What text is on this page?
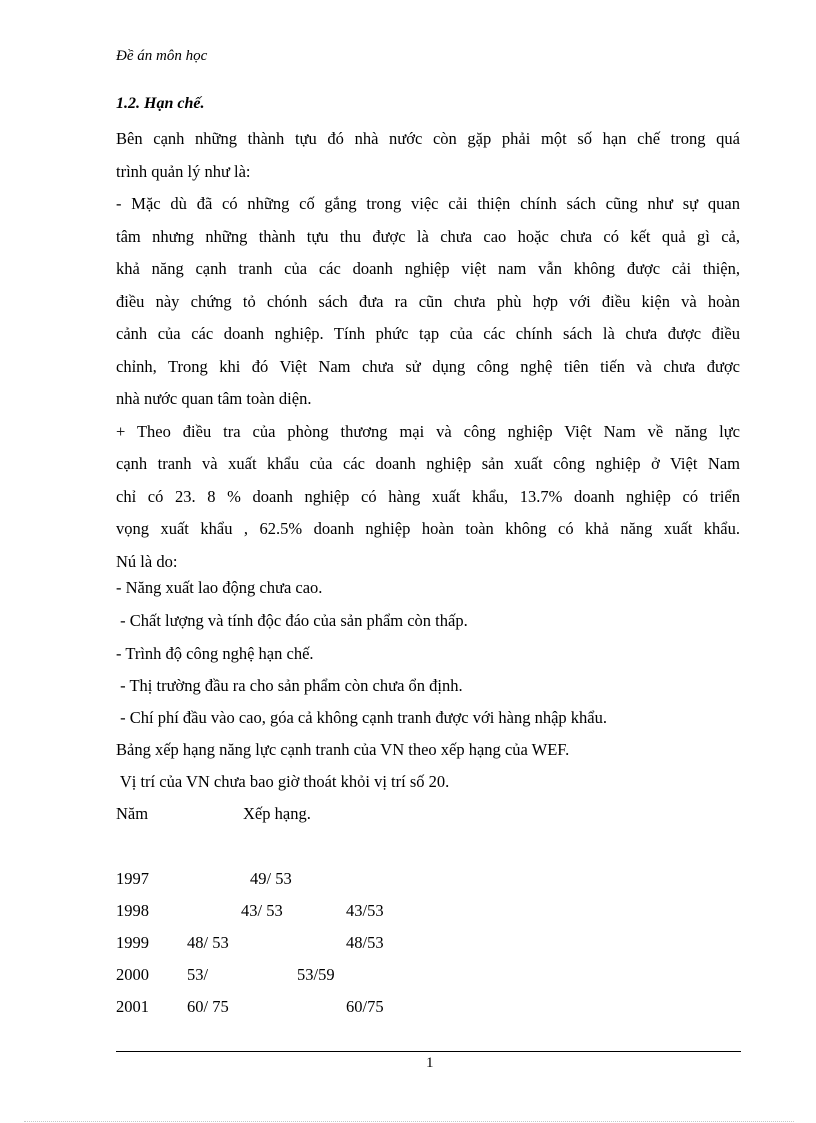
Đề án môn học
1.2. Hạn chế.
Bên cạnh những thành tựu đó nhà nước còn gặp phải một số hạn chế trong quá
trình quản lý như là:
- Mặc dù đã có những cố gắng trong việc cải thiện chính sách cũng như sự quan
tâm nhưng những thành tựu thu được là chưa cao hoặc chưa có kết quả gì cả,
khả năng cạnh tranh của các doanh nghiệp việt nam vẫn không được cải thiện,
điều này chứng tỏ chónh sách đưa ra cũn chưa phù hợp với điều kiện và hoàn
cảnh của các doanh nghiệp. Tính phức tạp của các chính sách là chưa được điều
chỉnh, Trong khi đó Việt Nam chưa sử dụng công nghệ tiên tiến và chưa được
nhà nước quan tâm toàn diện.
+ Theo điều tra của phòng thương mại và công nghiệp Việt Nam về năng lực
cạnh tranh và xuất khẩu của các doanh nghiệp sản xuất công nghiệp ở Việt Nam
chỉ có 23. 8 % doanh nghiệp có hàng xuất khẩu, 13.7% doanh nghiệp có triển
vọng xuất khẩu , 62.5% doanh nghiệp hoàn toàn không có khả năng xuất khẩu.
Nú là do:
- Năng xuất lao động chưa cao.
- Chất lượng và tính độc đáo của sản phẩm còn thấp.
- Trình độ công nghệ hạn chế.
- Thị trường đầu ra cho sản phẩm còn chưa ổn định.
- Chí phí đầu vào cao, góa cả không cạnh tranh được với hàng nhập khẩu.
Bảng xếp hạng năng lực cạnh tranh của VN theo xếp hạng của WEF.
Vị trí của VN chưa bao giờ thoát khỏi vị trí số 20.
Năm	Xếp hạng.
1997	49/ 53
1998	43/ 53	43/53
1999 48/ 53	48/53
2000 53/	53/59
2001 60/ 75	60/75
1
